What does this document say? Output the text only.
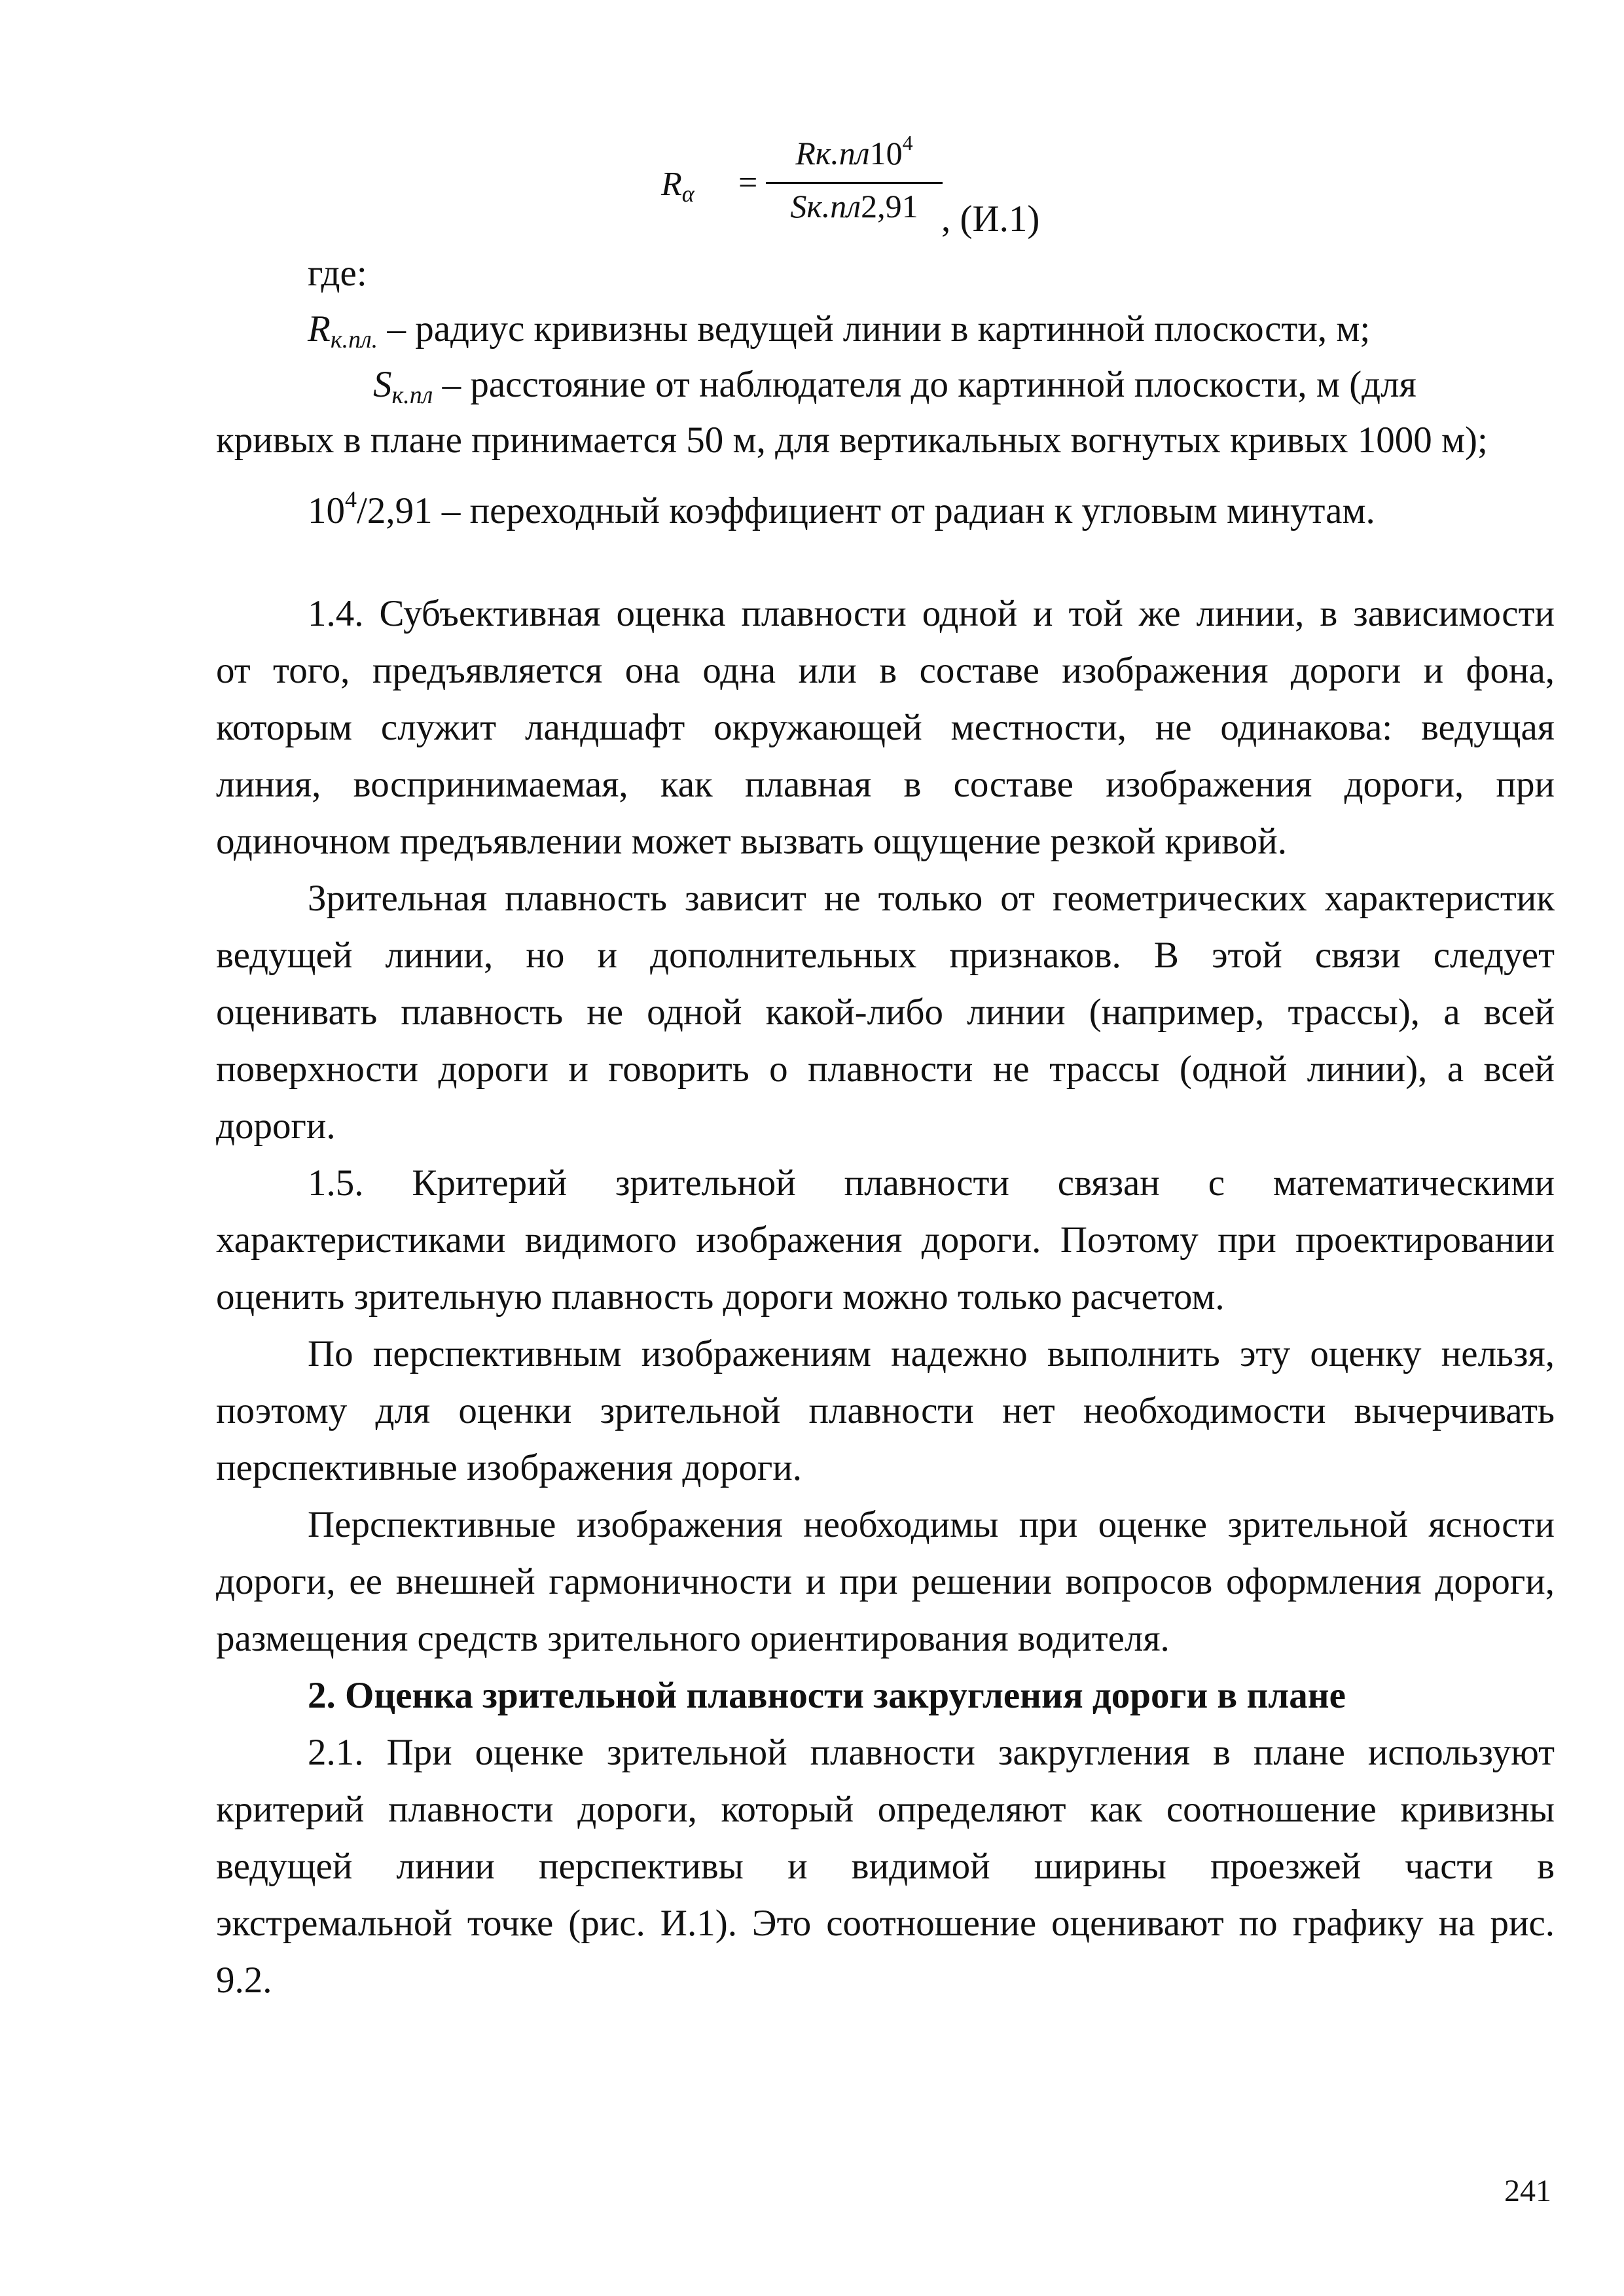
Rα =
$Rк.пл10^4$
Sк.пл2,91 , (И.1)
где:
$R_{к.пл.}$ – радиус кривизны ведущей линии в картинной плоскости, м;
$S_{к.пл}$ – расстояние от наблюдателя до картинной плоскости, м (для
кривых в плане принимается 50 м, для вертикальных вогнутых кривых 1000 м);
$10^4/2,91$ – переходный коэффициент от радиан к угловым минутам.
1.4. Субъективная оценка плавности одной и той же линии, в зависимости
от того, предъявляется она одна или в составе изображения дороги и фона,
которым служит ландшафт окружающей местности, не одинакова: ведущая
линия, воспринимаемая, как плавная в составе изображения дороги, при
одиночном предъявлении может вызвать ощущение резкой кривой.
Зрительная плавность зависит не только от геометрических характеристик
ведущей линии, но и дополнительных признаков. В этой связи следует
оценивать плавность не одной какой-либо линии (например, трассы), а всей
поверхности дороги и говорить о плавности не трассы (одной линии), а всей
дороги.
1.5. Критерий зрительной плавности связан с математическими
характеристиками видимого изображения дороги. Поэтому при проектировании
оценить зрительную плавность дороги можно только расчетом.
По перспективным изображениям надежно выполнить эту оценку нельзя,
поэтому для оценки зрительной плавности нет необходимости вычерчивать
перспективные изображения дороги.
Перспективные изображения необходимы при оценке зрительной ясности
дороги, ее внешней гармоничности и при решении вопросов оформления дороги,
размещения средств зрительного ориентирования водителя.
2. Оценка зрительной плавности закругления дороги в плане
2.1. При оценке зрительной плавности закругления в плане используют
критерий плавности дороги, который определяют как соотношение кривизны
ведущей линии перспективы и видимой ширины проезжей части в
экстремальной точке (рис. И.1). Это соотношение оценивают по графику на рис.
9.2.
241
